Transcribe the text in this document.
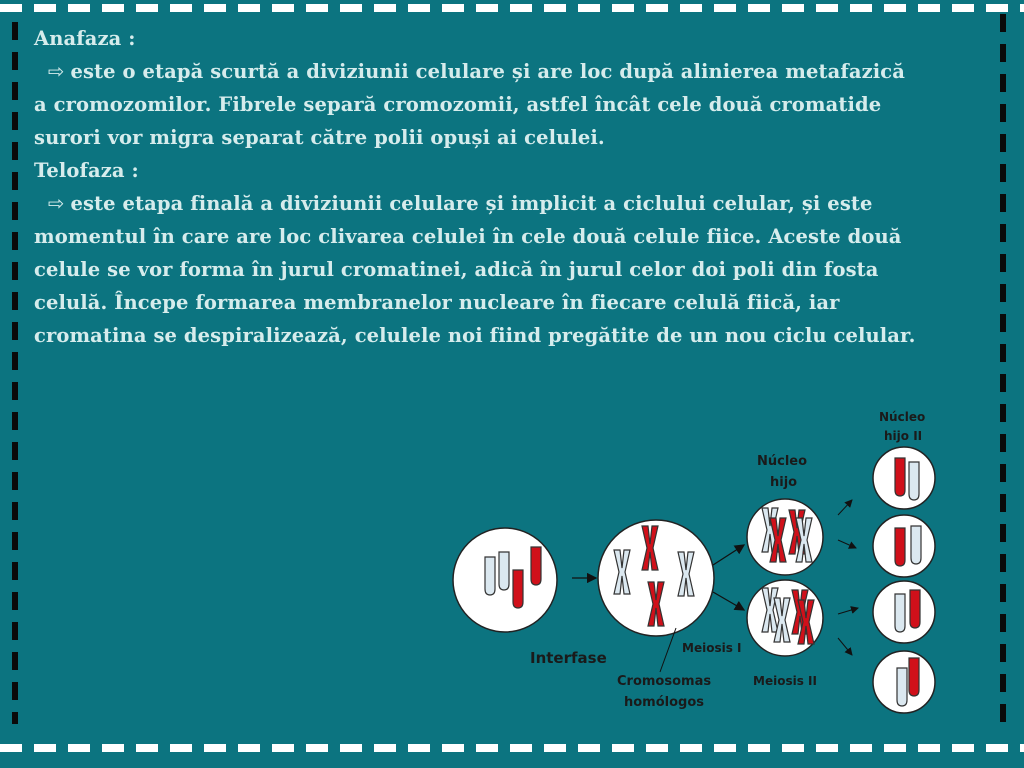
Anafaza :

⇨ este o etapă scurtă a diviziunii celulare și are loc după alinierea metafazică

a cromozomilor. Fibrele separă cromozomii, astfel încât cele două cromatide

surori vor migra separat către polii opuși ai celulei.

Telofaza :

⇨ este etapa finală a diviziunii celulare și implicit a ciclului celular, și este

momentul în care are loc clivarea celulei în cele două celule fiice. Aceste două

celule se vor forma în jurul cromatinei, adică în jurul celor doi poli din fosta

celulă. Începe formarea membranelor nucleare în fiecare celulă fiică, iar

cromatina se despiralizează, celulele noi fiind pregătite de un nou ciclu celular.

Interfase
Cromosomas
homólogos
Meiosis I
Meiosis II
Núcleo
hijo
Núcleo
hijo II
